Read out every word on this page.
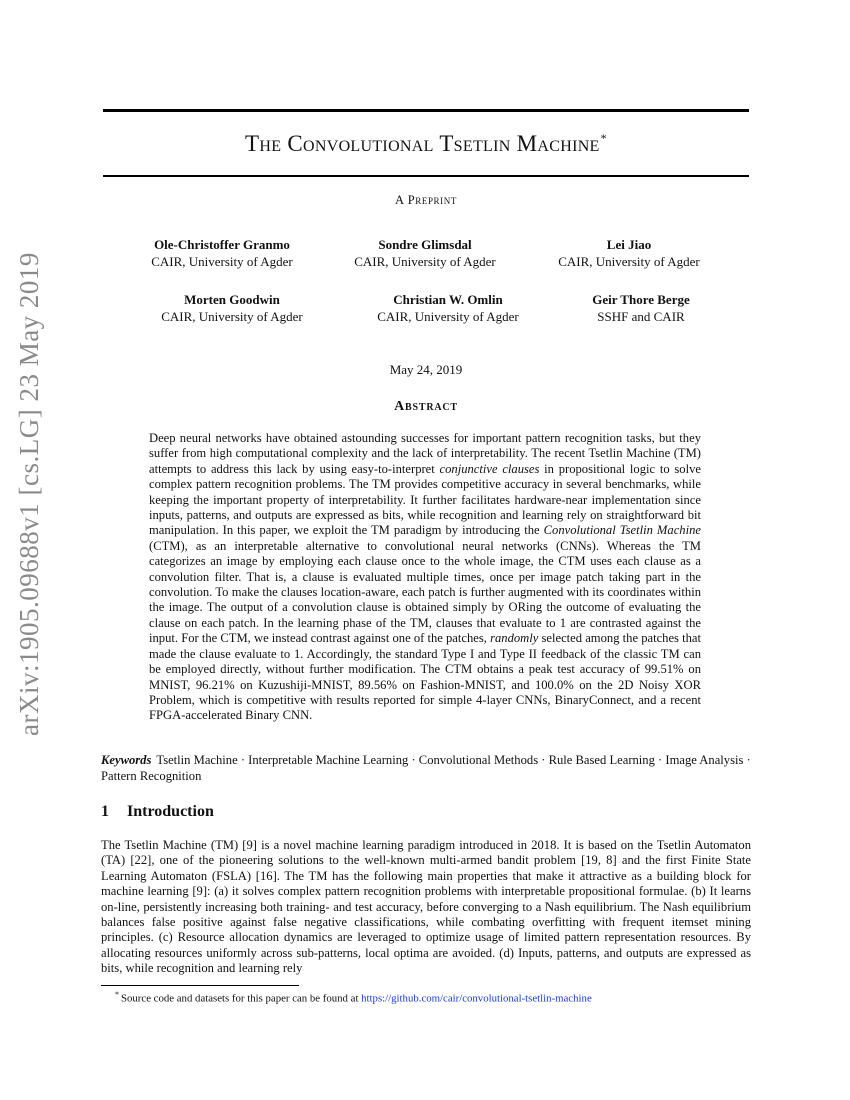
arXiv:1905.09688v1 [cs.LG] 23 May 2019
The Convolutional Tsetlin Machine*
A Preprint
Ole-Christoffer Granmo
CAIR, University of Agder
Sondre Glimsdal
CAIR, University of Agder
Lei Jiao
CAIR, University of Agder
Morten Goodwin
CAIR, University of Agder
Christian W. Omlin
CAIR, University of Agder
Geir Thore Berge
SSHF and CAIR
May 24, 2019
Abstract
Deep neural networks have obtained astounding successes for important pattern recognition tasks, but they suffer from high computational complexity and the lack of interpretability. The recent Tsetlin Machine (TM) attempts to address this lack by using easy-to-interpret conjunctive clauses in propositional logic to solve complex pattern recognition problems. The TM provides competitive accuracy in several benchmarks, while keeping the important property of interpretability. It further facilitates hardware-near implementation since inputs, patterns, and outputs are expressed as bits, while recognition and learning rely on straightforward bit manipulation. In this paper, we exploit the TM paradigm by introducing the Convolutional Tsetlin Machine (CTM), as an interpretable alternative to convolutional neural networks (CNNs). Whereas the TM categorizes an image by employing each clause once to the whole image, the CTM uses each clause as a convolution filter. That is, a clause is evaluated multiple times, once per image patch taking part in the convolution. To make the clauses location-aware, each patch is further augmented with its coordinates within the image. The output of a convolution clause is obtained simply by ORing the outcome of evaluating the clause on each patch. In the learning phase of the TM, clauses that evaluate to 1 are contrasted against the input. For the CTM, we instead contrast against one of the patches, randomly selected among the patches that made the clause evaluate to 1. Accordingly, the standard Type I and Type II feedback of the classic TM can be employed directly, without further modification. The CTM obtains a peak test accuracy of 99.51% on MNIST, 96.21% on Kuzushiji-MNIST, 89.56% on Fashion-MNIST, and 100.0% on the 2D Noisy XOR Problem, which is competitive with results reported for simple 4-layer CNNs, BinaryConnect, and a recent FPGA-accelerated Binary CNN.
Keywords Tsetlin Machine · Interpretable Machine Learning · Convolutional Methods · Rule Based Learning · Image Analysis · Pattern Recognition
1 Introduction
The Tsetlin Machine (TM) [9] is a novel machine learning paradigm introduced in 2018. It is based on the Tsetlin Automaton (TA) [22], one of the pioneering solutions to the well-known multi-armed bandit problem [19, 8] and the first Finite State Learning Automaton (FSLA) [16]. The TM has the following main properties that make it attractive as a building block for machine learning [9]: (a) it solves complex pattern recognition problems with interpretable propositional formulae. (b) It learns on-line, persistently increasing both training- and test accuracy, before converging to a Nash equilibrium. The Nash equilibrium balances false positive against false negative classifications, while combating overfitting with frequent itemset mining principles. (c) Resource allocation dynamics are leveraged to optimize usage of limited pattern representation resources. By allocating resources uniformly across sub-patterns, local optima are avoided. (d) Inputs, patterns, and outputs are expressed as bits, while recognition and learning rely
* Source code and datasets for this paper can be found at https://github.com/cair/convolutional-tsetlin-machine
